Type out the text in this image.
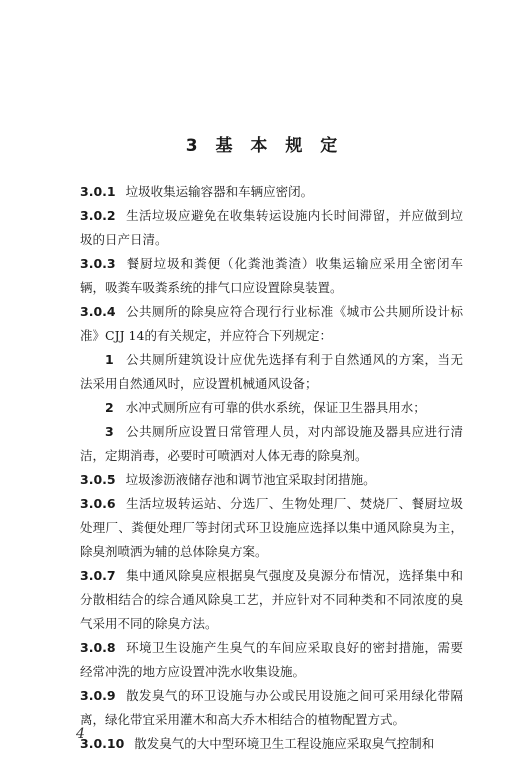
3 基 本 规 定

3.0.1 垃圾收集运输容器和车辆应密闭。

3.0.2 生活垃圾应避免在收集转运设施内长时间滞留，并应做到垃圾的日产日清。

3.0.3 餐厨垃圾和粪便（化粪池粪渣）收集运输应采用全密闭车辆，吸粪车吸粪系统的排气口应设置除臭装置。

3.0.4 公共厕所的除臭应符合现行行业标准《城市公共厕所设计标准》CJJ 14的有关规定，并应符合下列规定：

1 公共厕所建筑设计应优先选择有利于自然通风的方案，当无法采用自然通风时，应设置机械通风设备；

2 水冲式厕所应有可靠的供水系统，保证卫生器具用水；

3 公共厕所应设置日常管理人员，对内部设施及器具应进行清洁，定期消毒，必要时可喷洒对人体无毒的除臭剂。

3.0.5 垃圾渗沥液储存池和调节池宜采取封闭措施。

3.0.6 生活垃圾转运站、分选厂、生物处理厂、焚烧厂、餐厨垃圾处理厂、粪便处理厂等封闭式环卫设施应选择以集中通风除臭为主，除臭剂喷洒为辅的总体除臭方案。

3.0.7 集中通风除臭应根据臭气强度及臭源分布情况，选择集中和分散相结合的综合通风除臭工艺，并应针对不同种类和不同浓度的臭气采用不同的除臭方法。

3.0.8 环境卫生设施产生臭气的车间应采取良好的密封措施，需要经常冲洗的地方应设置冲洗水收集设施。

3.0.9 散发臭气的环卫设施与办公或民用设施之间可采用绿化带隔离，绿化带宜采用灌木和高大乔木相结合的植物配置方式。

3.0.10 散发臭气的大中型环境卫生工程设施应采取臭气控制和

4
